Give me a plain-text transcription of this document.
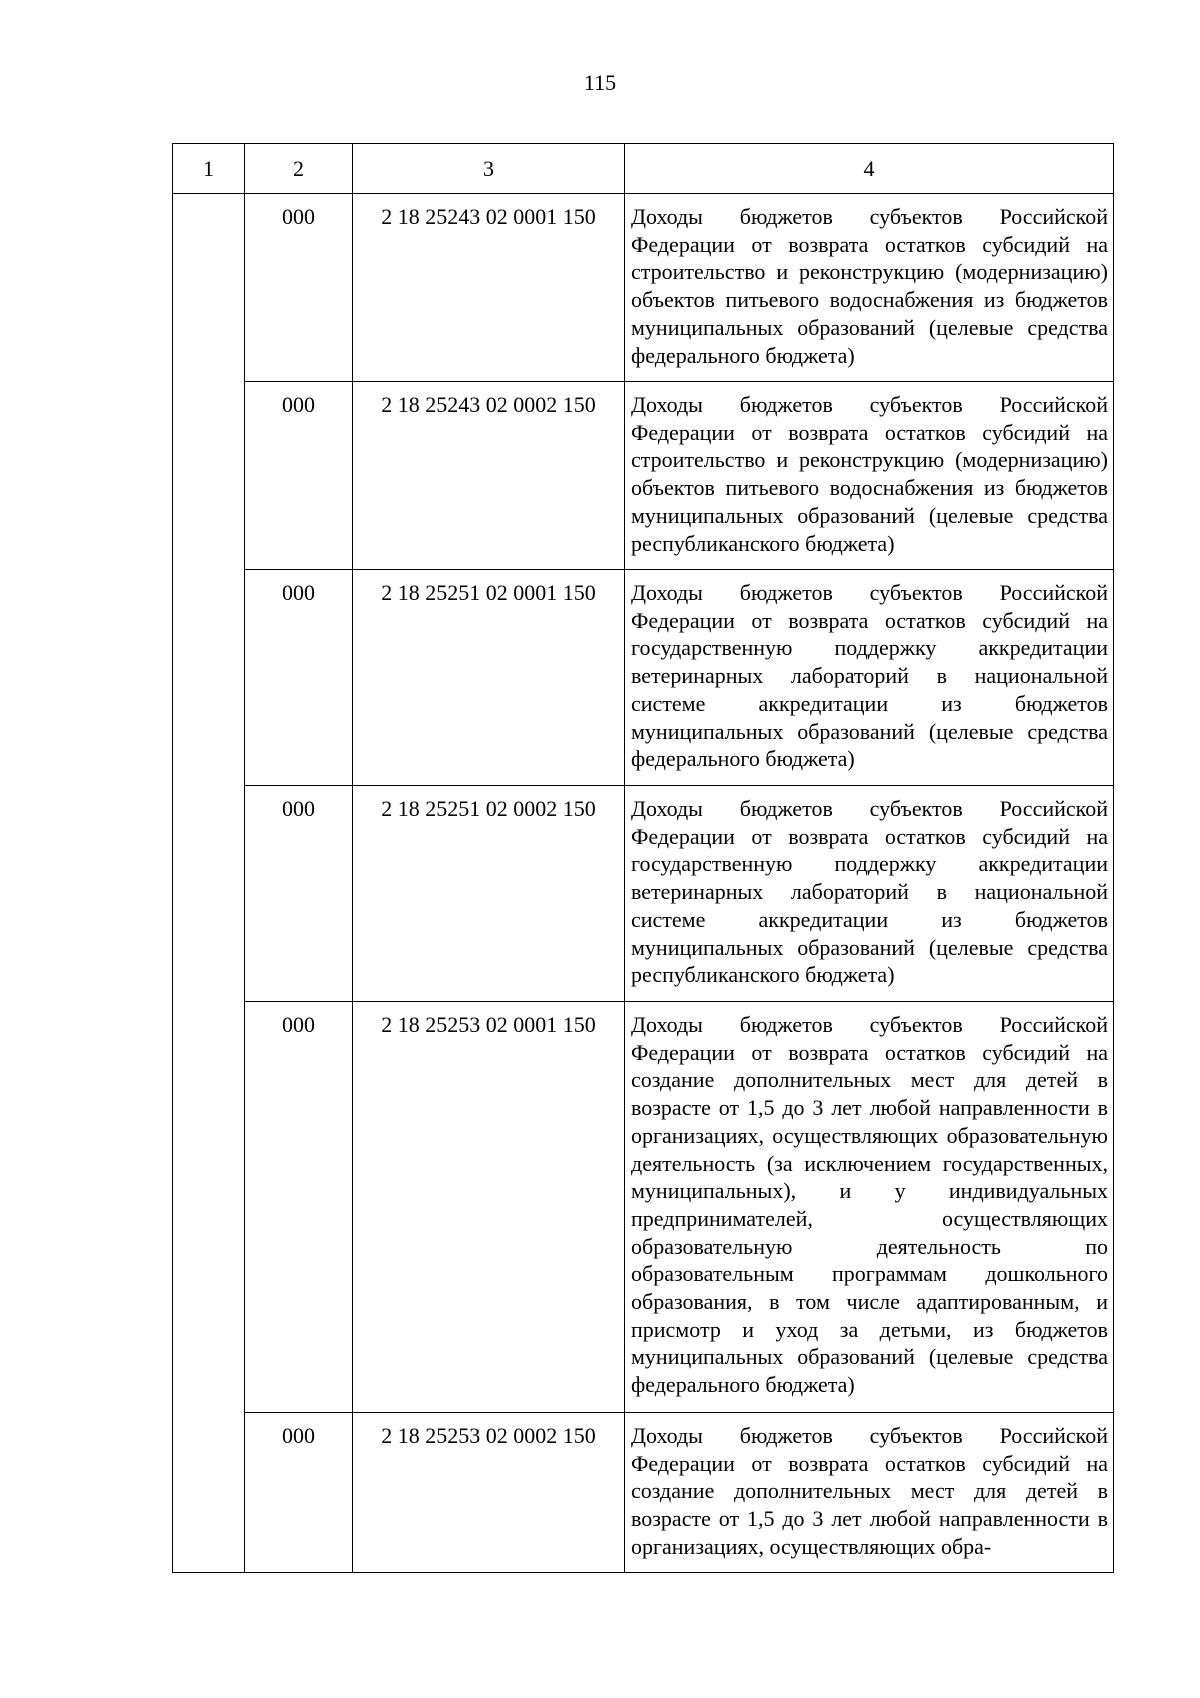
115
1	2	3	4
	000	2 18 25243 02 0001 150	Доходы бюджетов субъектов Российской Федерации от возврата остатков субсидий на строительство и реконструкцию (модернизацию) объектов питьевого водоснабжения из бюджетов муниципальных образований (целевые средства федерального бюджета)
	000	2 18 25243 02 0002 150	Доходы бюджетов субъектов Российской Федерации от возврата остатков субсидий на строительство и реконструкцию (модернизацию) объектов питьевого водоснабжения из бюджетов муниципальных образований (целевые средства республиканского бюджета)
	000	2 18 25251 02 0001 150	Доходы бюджетов субъектов Российской Федерации от возврата остатков субсидий на государственную поддержку аккредитации ветеринарных лабораторий в национальной системе аккредитации из бюджетов муниципальных образований (целевые средства федерального бюджета)
	000	2 18 25251 02 0002 150	Доходы бюджетов субъектов Российской Федерации от возврата остатков субсидий на государственную поддержку аккредитации ветеринарных лабораторий в национальной системе аккредитации из бюджетов муниципальных образований (целевые средства республиканского бюджета)
	000	2 18 25253 02 0001 150	Доходы бюджетов субъектов Российской Федерации от возврата остатков субсидий на создание дополнительных мест для детей в возрасте от 1,5 до 3 лет любой направленности в организациях, осуществляющих образовательную деятельность (за исключением государственных, муниципальных), и у индивидуальных предпринимателей, осуществляющих образовательную деятельность по образовательным программам дошкольного образования, в том числе адаптированным, и присмотр и уход за детьми, из бюджетов муниципальных образований (целевые средства федерального бюджета)
	000	2 18 25253 02 0002 150	Доходы бюджетов субъектов Российской Федерации от возврата остатков субсидий на создание дополнительных мест для детей в возрасте от 1,5 до 3 лет любой направленности в организациях, осуществляющих обра-
